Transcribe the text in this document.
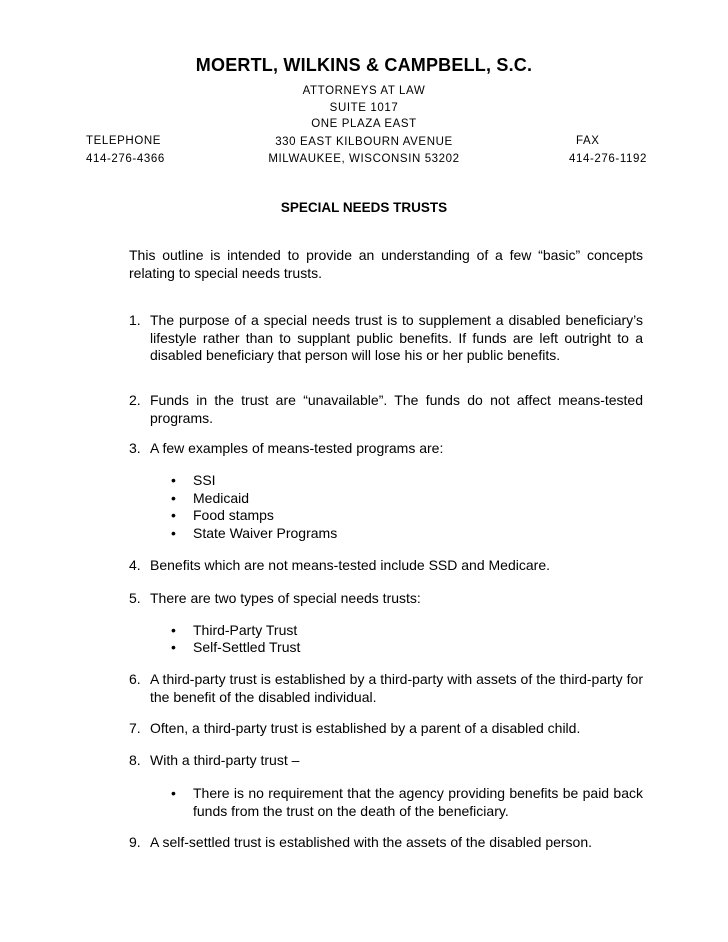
MOERTL, WILKINS & CAMPBELL, S.C.
ATTORNEYS AT LAW
SUITE 1017
ONE PLAZA EAST
330 EAST KILBOURN AVENUE
MILWAUKEE, WISCONSIN 53202
TELEPHONE
414-276-4366
FAX
414-276-1192
SPECIAL NEEDS TRUSTS
This outline is intended to provide an understanding of a few “basic” concepts relating to special needs trusts.
1. The purpose of a special needs trust is to supplement a disabled beneficiary’s lifestyle rather than to supplant public benefits. If funds are left outright to a disabled beneficiary that person will lose his or her public benefits.
2. Funds in the trust are “unavailable”. The funds do not affect means-tested programs.
3. A few examples of means-tested programs are:
• SSI
• Medicaid
• Food stamps
• State Waiver Programs
4. Benefits which are not means-tested include SSD and Medicare.
5. There are two types of special needs trusts:
• Third-Party Trust
• Self-Settled Trust
6. A third-party trust is established by a third-party with assets of the third-party for the benefit of the disabled individual.
7. Often, a third-party trust is established by a parent of a disabled child.
8. With a third-party trust –
• There is no requirement that the agency providing benefits be paid back funds from the trust on the death of the beneficiary.
9. A self-settled trust is established with the assets of the disabled person.
